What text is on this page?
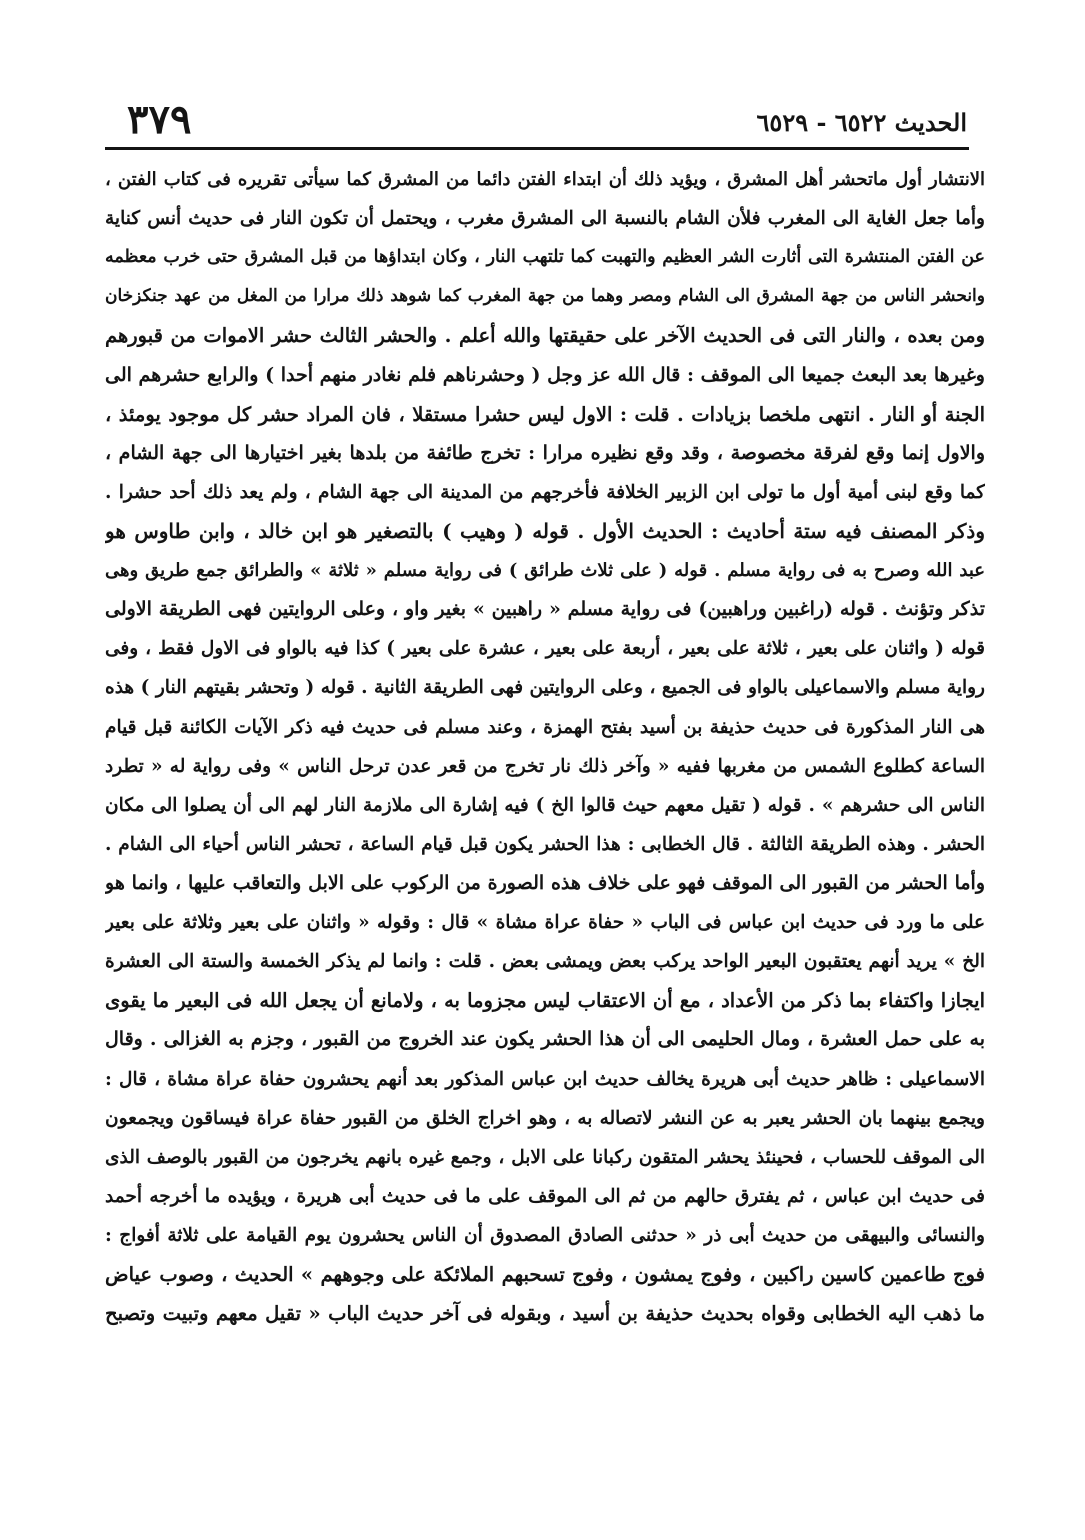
الحديث ٦٥٢٢ - ٦٥٢٩
٣٧٩
الانتشار أول ماتحشر أهل المشرق ، ويؤيد ذلك أن ابتداء الفتن دائما من المشرق كما سيأتى تقريره فى كتاب الفتن ،
وأما جعل الغاية الى المغرب فلأن الشام بالنسبة الى المشرق مغرب ، ويحتمل أن تكون النار فى حديث أنس كناية
عن الفتن المنتشرة التى أثارت الشر العظيم والتهبت كما تلتهب النار ، وكان ابتداؤها من قبل المشرق حتى خرب معظمه
وانحشر الناس من جهة المشرق الى الشام ومصر وهما من جهة المغرب كما شوهد ذلك مرارا من المغل من عهد جنكزخان
ومن بعده ، والنار التى فى الحديث الآخر على حقيقتها والله أعلم . والحشر الثالث حشر الاموات من قبورهم
وغيرها بعد البعث جميعا الى الموقف : قال الله عز وجل ( وحشرناهم فلم نغادر منهم أحدا ) والرابع حشرهم الى
الجنة أو النار . انتهى ملخصا بزيادات . قلت : الاول ليس حشرا مستقلا ، فان المراد حشر كل موجود يومئذ ،
والاول إنما وقع لفرقة مخصوصة ، وقد وقع نظيره مرارا : تخرج طائفة من بلدها بغير اختيارها الى جهة الشام ،
كما وقع لبنى أمية أول ما تولى ابن الزبير الخلافة فأخرجهم من المدينة الى جهة الشام ، ولم يعد ذلك أحد حشرا .
وذكر المصنف فيه ستة أحاديث : الحديث الأول . قوله ( وهيب ) بالتصغير هو ابن خالد ، وابن طاوس هو
عبد الله وصرح به فى رواية مسلم . قوله ( على ثلاث طرائق ) فى رواية مسلم « ثلاثة » والطرائق جمع طريق وهى
تذكر وتؤنث . قوله (راغبين وراهبين) فى رواية مسلم « راهبين » بغير واو ، وعلى الروايتين فهى الطريقة الاولى
قوله ( واثنان على بعير ، ثلاثة على بعير ، أربعة على بعير ، عشرة على بعير ) كذا فيه بالواو فى الاول فقط ، وفى
رواية مسلم والاسماعيلى بالواو فى الجميع ، وعلى الروايتين فهى الطريقة الثانية . قوله ( وتحشر بقيتهم النار ) هذه
هى النار المذكورة فى حديث حذيفة بن أسيد بفتح الهمزة ، وعند مسلم فى حديث فيه ذكر الآيات الكائنة قبل قيام
الساعة كطلوع الشمس من مغربها ففيه « وآخر ذلك نار تخرج من قعر عدن ترحل الناس » وفى رواية له « تطرد
الناس الى حشرهم » . قوله ( تقيل معهم حيث قالوا الخ ) فيه إشارة الى ملازمة النار لهم الى أن يصلوا الى مكان
الحشر . وهذه الطريقة الثالثة . قال الخطابى : هذا الحشر يكون قبل قيام الساعة ، تحشر الناس أحياء الى الشام .
وأما الحشر من القبور الى الموقف فهو على خلاف هذه الصورة من الركوب على الابل والتعاقب عليها ، وانما هو
على ما ورد فى حديث ابن عباس فى الباب « حفاة عراة مشاة » قال : وقوله « واثنان على بعير وثلاثة على بعير
الخ » يريد أنهم يعتقبون البعير الواحد يركب بعض ويمشى بعض . قلت : وانما لم يذكر الخمسة والستة الى العشرة
ايجازا واكتفاء بما ذكر من الأعداد ، مع أن الاعتقاب ليس مجزوما به ، ولامانع أن يجعل الله فى البعير ما يقوى
به على حمل العشرة ، ومال الحليمى الى أن هذا الحشر يكون عند الخروج من القبور ، وجزم به الغزالى . وقال
الاسماعيلى : ظاهر حديث أبى هريرة يخالف حديث ابن عباس المذكور بعد أنهم يحشرون حفاة عراة مشاة ، قال :
ويجمع بينهما بان الحشر يعبر به عن النشر لاتصاله به ، وهو اخراج الخلق من القبور حفاة عراة فيساقون ويجمعون
الى الموقف للحساب ، فحينئذ يحشر المتقون ركبانا على الابل ، وجمع غيره بانهم يخرجون من القبور بالوصف الذى
فى حديث ابن عباس ، ثم يفترق حالهم من ثم الى الموقف على ما فى حديث أبى هريرة ، ويؤيده ما أخرجه أحمد
والنسائى والبيهقى من حديث أبى ذر « حدثنى الصادق المصدوق أن الناس يحشرون يوم القيامة على ثلاثة أفواج :
فوج طاعمين كاسين راكبين ، وفوج يمشون ، وفوج تسحبهم الملائكة على وجوههم » الحديث ، وصوب عياض
ما ذهب اليه الخطابى وقواه بحديث حذيفة بن أسيد ، وبقوله فى آخر حديث الباب « تقيل معهم وتبيت وتصبح
